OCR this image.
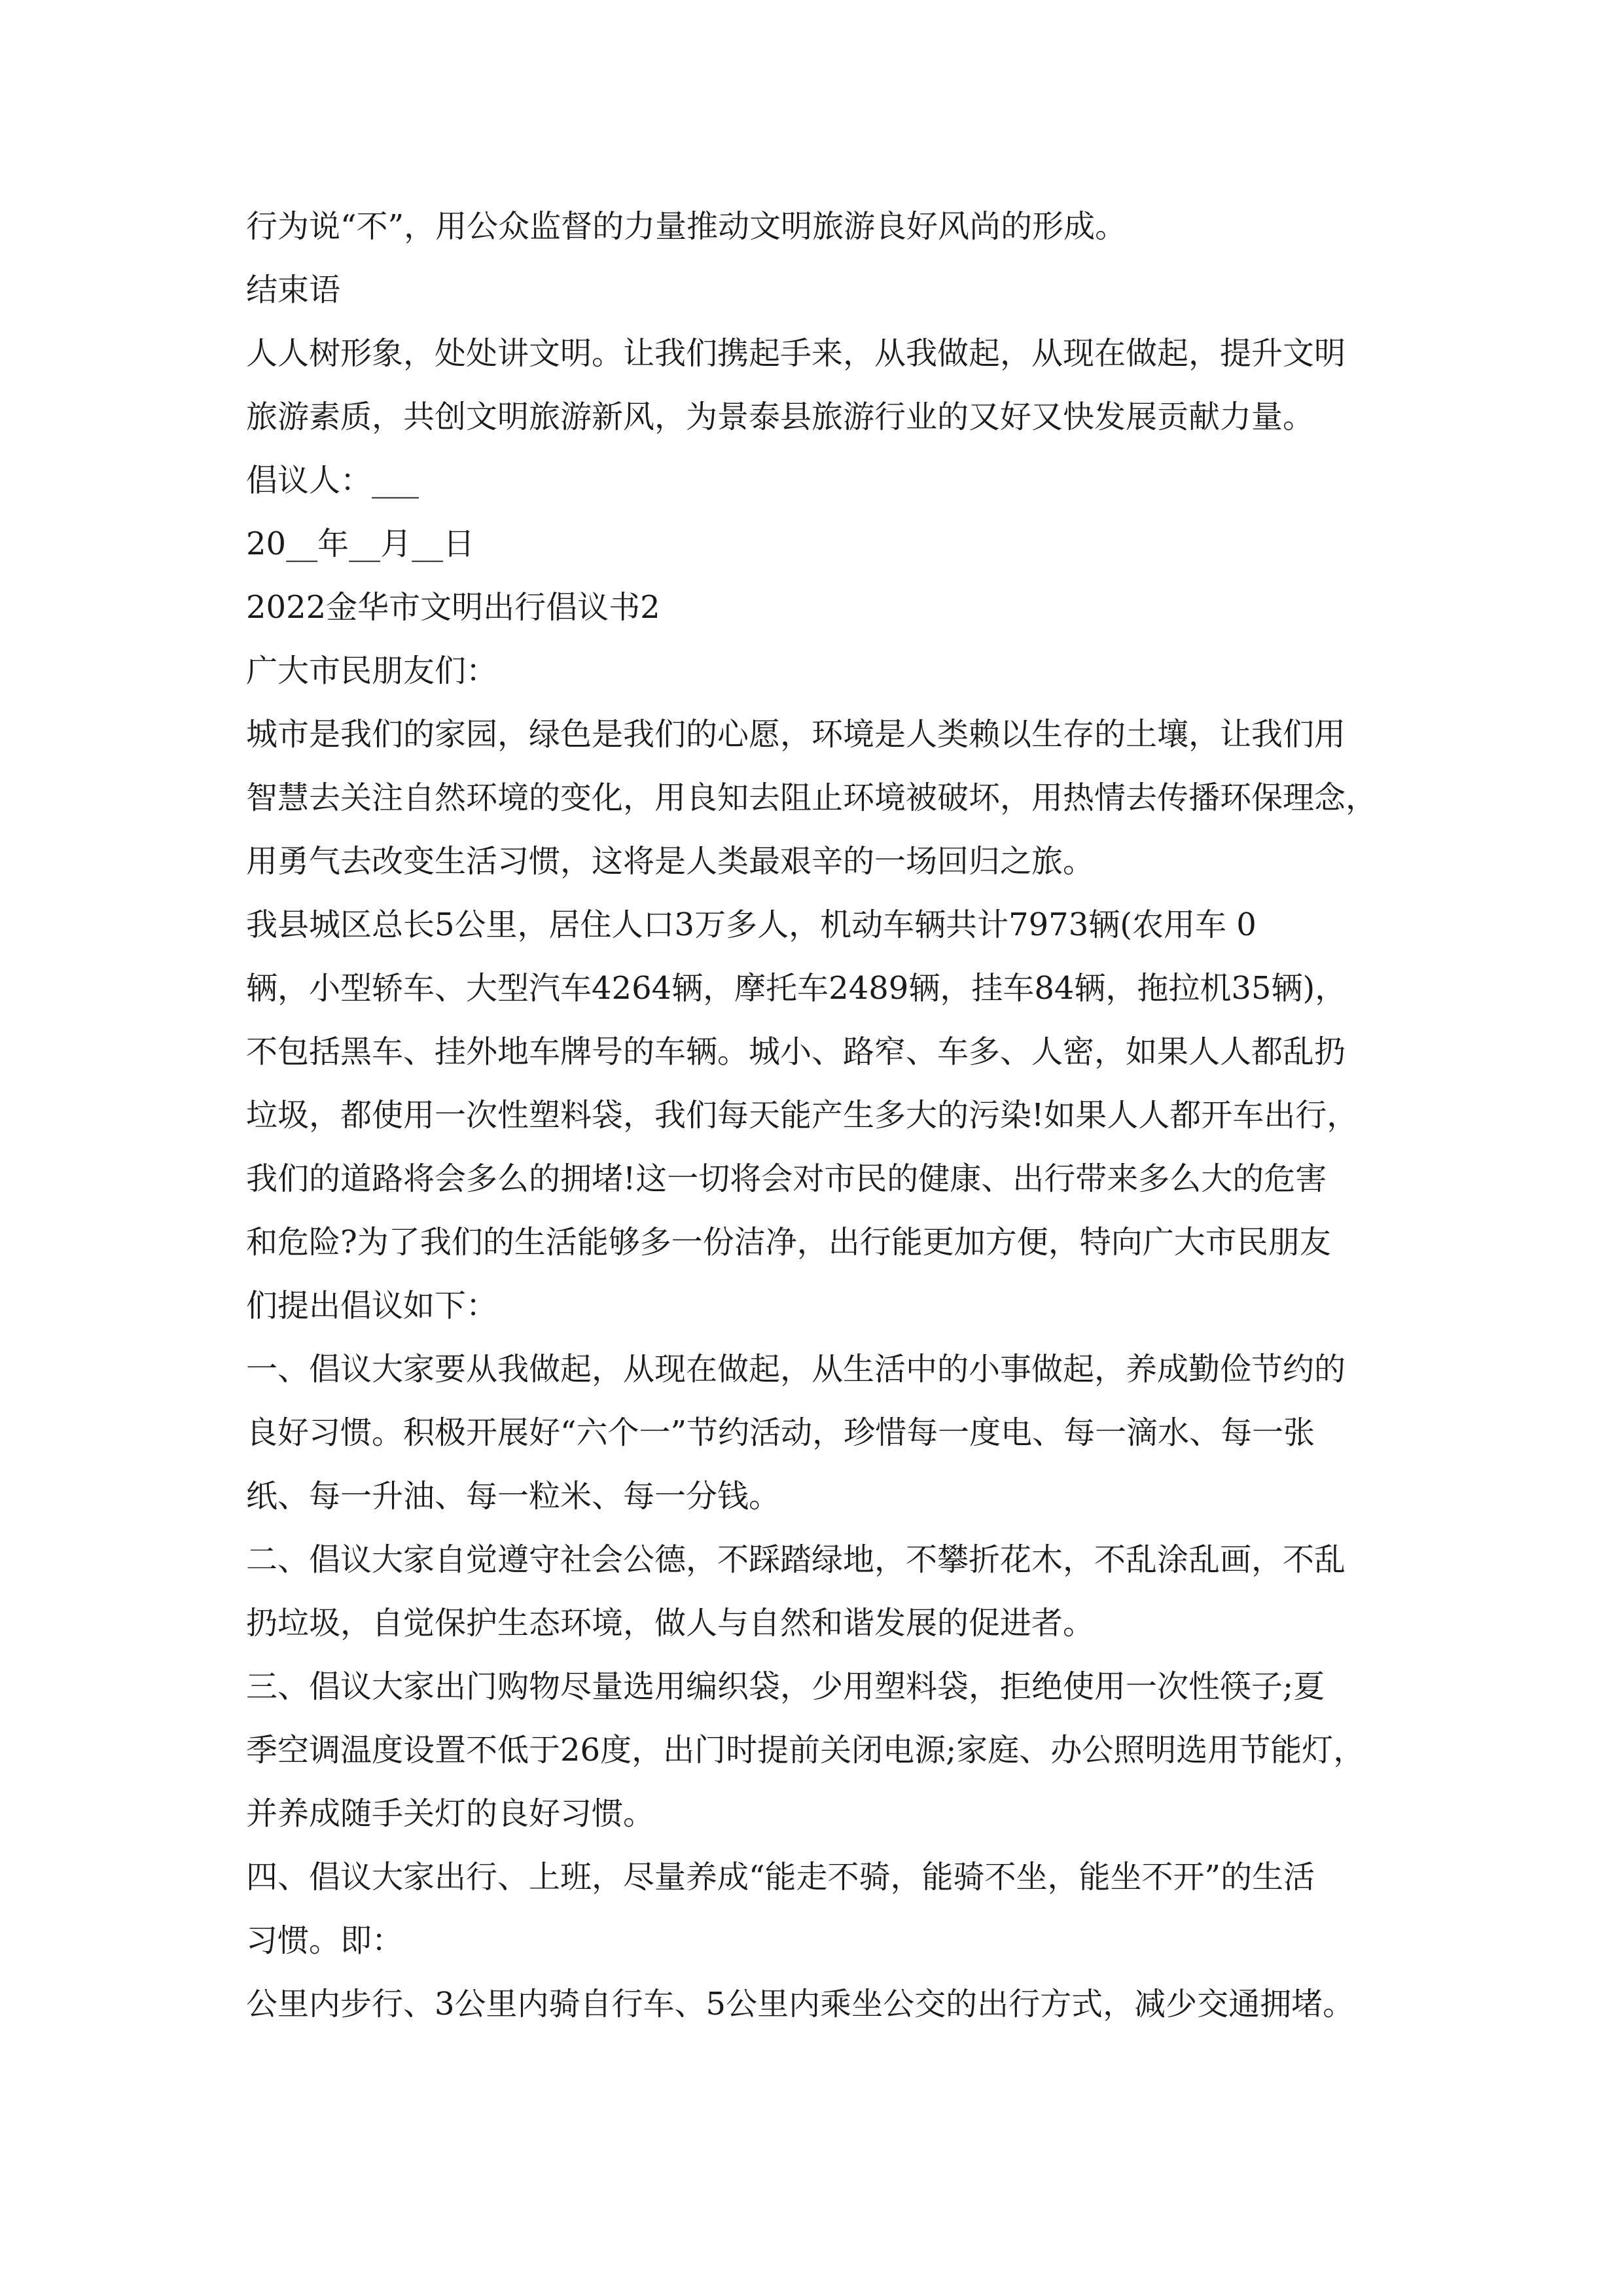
行为说“不”，用公众监督的力量推动文明旅游良好风尚的形成。
结束语
人人树形象，处处讲文明。让我们携起手来，从我做起，从现在做起，提升文明
旅游素质，共创文明旅游新风，为景泰县旅游行业的又好又快发展贡献力量。
倡议人：___
20__年__月__日
2022金华市文明出行倡议书2
广大市民朋友们：
城市是我们的家园，绿色是我们的心愿，环境是人类赖以生存的土壤，让我们用
智慧去关注自然环境的变化，用良知去阻止环境被破坏，用热情去传播环保理念，
用勇气去改变生活习惯，这将是人类最艰辛的一场回归之旅。
我县城区总长5公里，居住人口3万多人，机动车辆共计7973辆(农用车 0
辆，小型轿车、大型汽车4264辆，摩托车2489辆，挂车84辆，拖拉机35辆)，
不包括黑车、挂外地车牌号的车辆。城小、路窄、车多、人密，如果人人都乱扔
垃圾，都使用一次性塑料袋，我们每天能产生多大的污染!如果人人都开车出行，
我们的道路将会多么的拥堵!这一切将会对市民的健康、出行带来多么大的危害
和危险?为了我们的生活能够多一份洁净，出行能更加方便，特向广大市民朋友
们提出倡议如下：
一、倡议大家要从我做起，从现在做起，从生活中的小事做起，养成勤俭节约的
良好习惯。积极开展好“六个一”节约活动，珍惜每一度电、每一滴水、每一张
纸、每一升油、每一粒米、每一分钱。
二、倡议大家自觉遵守社会公德，不踩踏绿地，不攀折花木，不乱涂乱画，不乱
扔垃圾，自觉保护生态环境，做人与自然和谐发展的促进者。
三、倡议大家出门购物尽量选用编织袋，少用塑料袋，拒绝使用一次性筷子;夏
季空调温度设置不低于26度，出门时提前关闭电源;家庭、办公照明选用节能灯，
并养成随手关灯的良好习惯。
四、倡议大家出行、上班，尽量养成“能走不骑，能骑不坐，能坐不开”的生活
习惯。即：
公里内步行、3公里内骑自行车、5公里内乘坐公交的出行方式，减少交通拥堵。
